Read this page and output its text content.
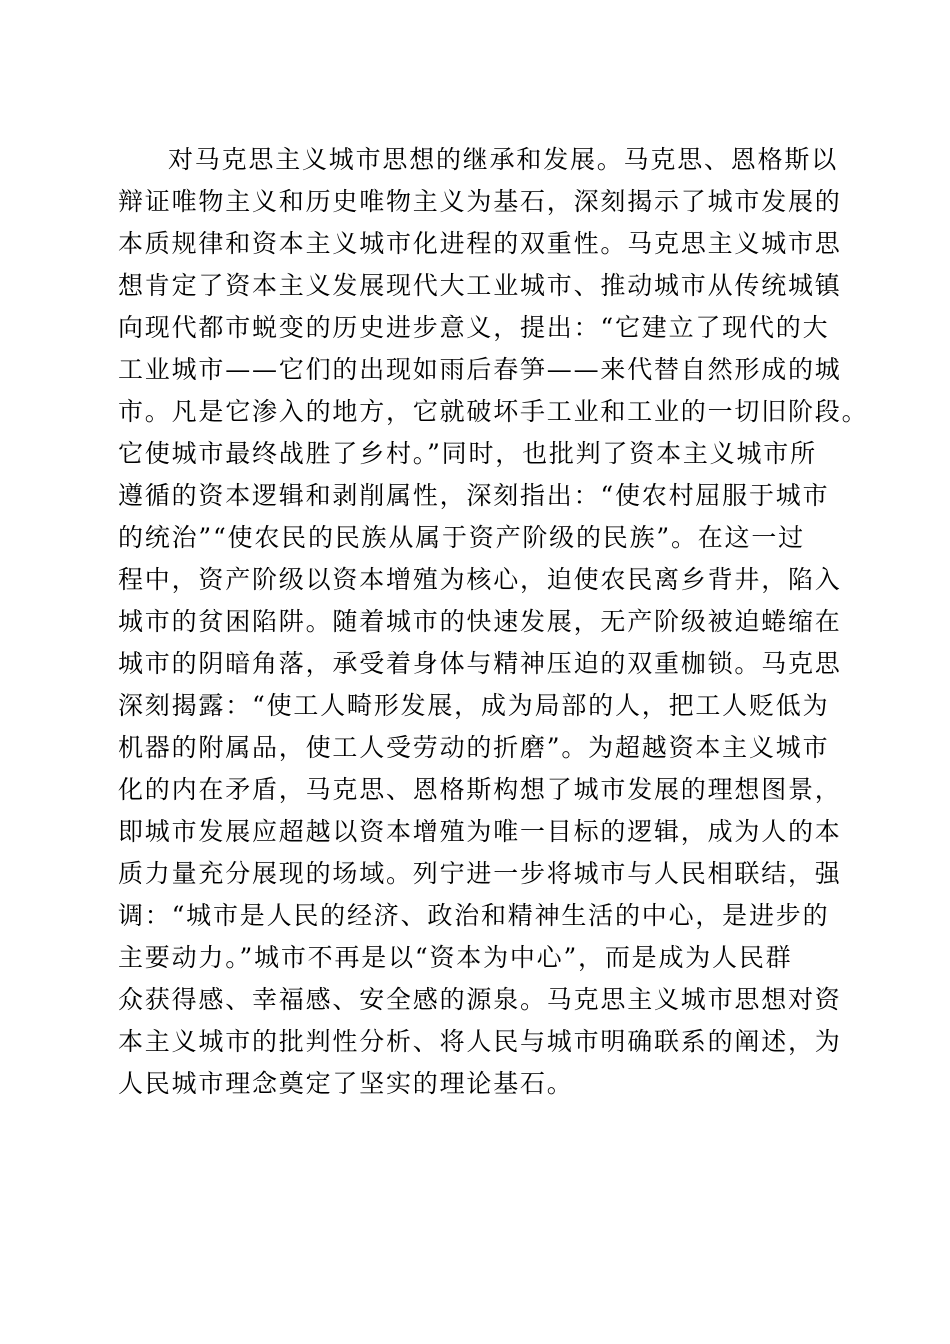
对马克思主义城市思想的继承和发展。马克思、恩格斯以
辩证唯物主义和历史唯物主义为基石，深刻揭示了城市发展的
本质规律和资本主义城市化进程的双重性。马克思主义城市思
想肯定了资本主义发展现代大工业城市、推动城市从传统城镇
向现代都市蜕变的历史进步意义，提出：“它建立了现代的大
工业城市——它们的出现如雨后春笋——来代替自然形成的城
市。凡是它渗入的地方，它就破坏手工业和工业的一切旧阶段。
它使城市最终战胜了乡村。”同时，也批判了资本主义城市所
遵循的资本逻辑和剥削属性，深刻指出：“使农村屈服于城市
的统治”“使农民的民族从属于资产阶级的民族”。在这一过
程中，资产阶级以资本增殖为核心，迫使农民离乡背井，陷入
城市的贫困陷阱。随着城市的快速发展，无产阶级被迫蜷缩在
城市的阴暗角落，承受着身体与精神压迫的双重枷锁。马克思
深刻揭露：“使工人畸形发展，成为局部的人，把工人贬低为
机器的附属品，使工人受劳动的折磨”。为超越资本主义城市
化的内在矛盾，马克思、恩格斯构想了城市发展的理想图景，
即城市发展应超越以资本增殖为唯一目标的逻辑，成为人的本
质力量充分展现的场域。列宁进一步将城市与人民相联结，强
调：“城市是人民的经济、政治和精神生活的中心，是进步的
主要动力。”城市不再是以“资本为中心”，而是成为人民群
众获得感、幸福感、安全感的源泉。马克思主义城市思想对资
本主义城市的批判性分析、将人民与城市明确联系的阐述，为
人民城市理念奠定了坚实的理论基石。
